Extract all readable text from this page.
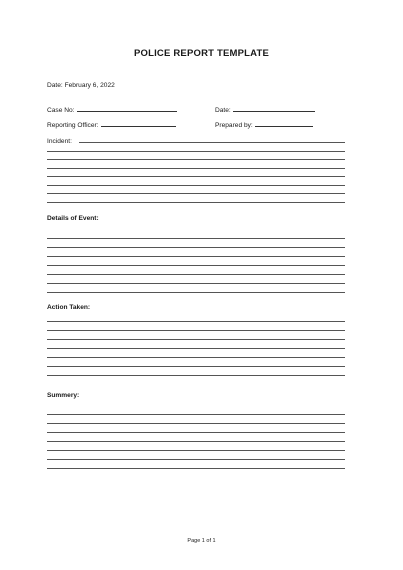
POLICE REPORT TEMPLATE
Date: February 6, 2022
Case No:	Date:
Reporting Officer:	Prepared by:
Incident:
Details of Event:
Action Taken:
Summery:
Page 1 of 1
